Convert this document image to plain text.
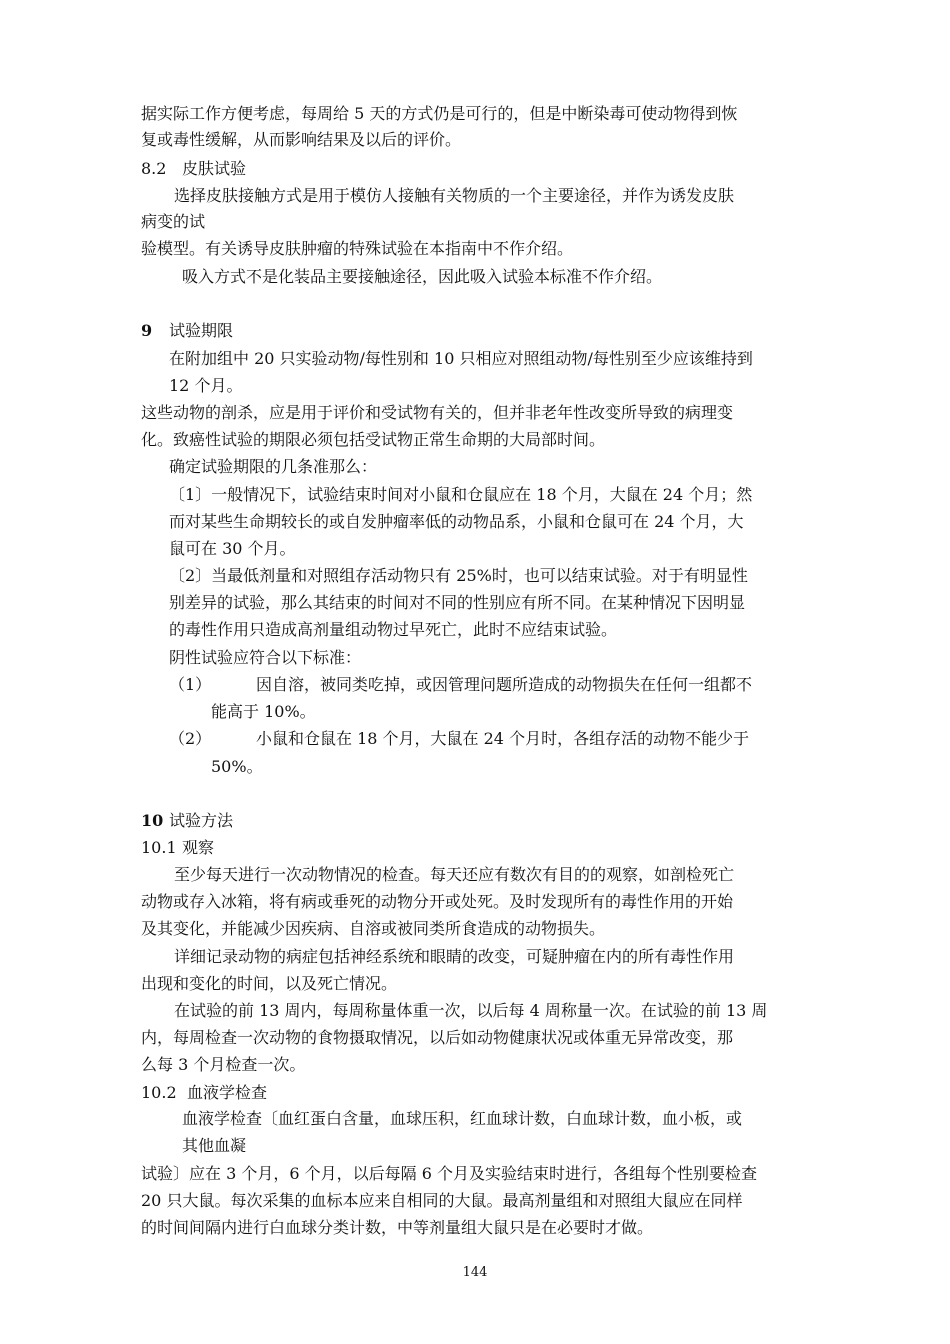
据实际工作方便考虑，每周给 5 天的方式仍是可行的，但是中断染毒可使动物得到恢
复或毒性缓解，从而影响结果及以后的评价。
8.2 皮肤试验
选择皮肤接触方式是用于模仿人接触有关物质的一个主要途径，并作为诱发皮肤
病变的试
验模型。有关诱导皮肤肿瘤的特殊试验在本指南中不作介绍。
吸入方式不是化装品主要接触途径，因此吸入试验本标准不作介绍。
9 试验期限
在附加组中 20 只实验动物/每性别和 10 只相应对照组动物/每性别至少应该维持到
12 个月。
这些动物的剖杀，应是用于评价和受试物有关的，但并非老年性改变所导致的病理变
化。致癌性试验的期限必须包括受试物正常生命期的大局部时间。
确定试验期限的几条准那么：
〔1〕一般情况下，试验结束时间对小鼠和仓鼠应在 18 个月，大鼠在 24 个月；然
而对某些生命期较长的或自发肿瘤率低的动物品系，小鼠和仓鼠可在 24 个月，大
鼠可在 30 个月。
〔2〕当最低剂量和对照组存活动物只有 25%时，也可以结束试验。对于有明显性
别差异的试验，那么其结束的时间对不同的性别应有所不同。在某种情况下因明显
的毒性作用只造成高剂量组动物过早死亡，此时不应结束试验。
阴性试验应符合以下标准：
（1）	因自溶，被同类吃掉，或因管理问题所造成的动物损失在任何一组都不
能高于 10%。
（2）	小鼠和仓鼠在 18 个月，大鼠在 24 个月时，各组存活的动物不能少于
50%。
10 试验方法
10.1 观察
至少每天进行一次动物情况的检查。每天还应有数次有目的的观察，如剖检死亡
动物或存入冰箱，将有病或垂死的动物分开或处死。及时发现所有的毒性作用的开始
及其变化，并能减少因疾病、自溶或被同类所食造成的动物损失。
详细记录动物的病症包括神经系统和眼睛的改变，可疑肿瘤在内的所有毒性作用
出现和变化的时间，以及死亡情况。
在试验的前 13 周内，每周称量体重一次，以后每 4 周称量一次。在试验的前 13 周
内，每周检查一次动物的食物摄取情况，以后如动物健康状况或体重无异常改变，那
么每 3 个月检查一次。
10.2 血液学检查
血液学检查〔血红蛋白含量，血球压积，红血球计数，白血球计数，血小板，或
其他血凝
试验〕应在 3 个月，6 个月，以后每隔 6 个月及实验结束时进行，各组每个性别要检查
20 只大鼠。每次采集的血标本应来自相同的大鼠。最高剂量组和对照组大鼠应在同样
的时间间隔内进行白血球分类计数，中等剂量组大鼠只是在必要时才做。
144
